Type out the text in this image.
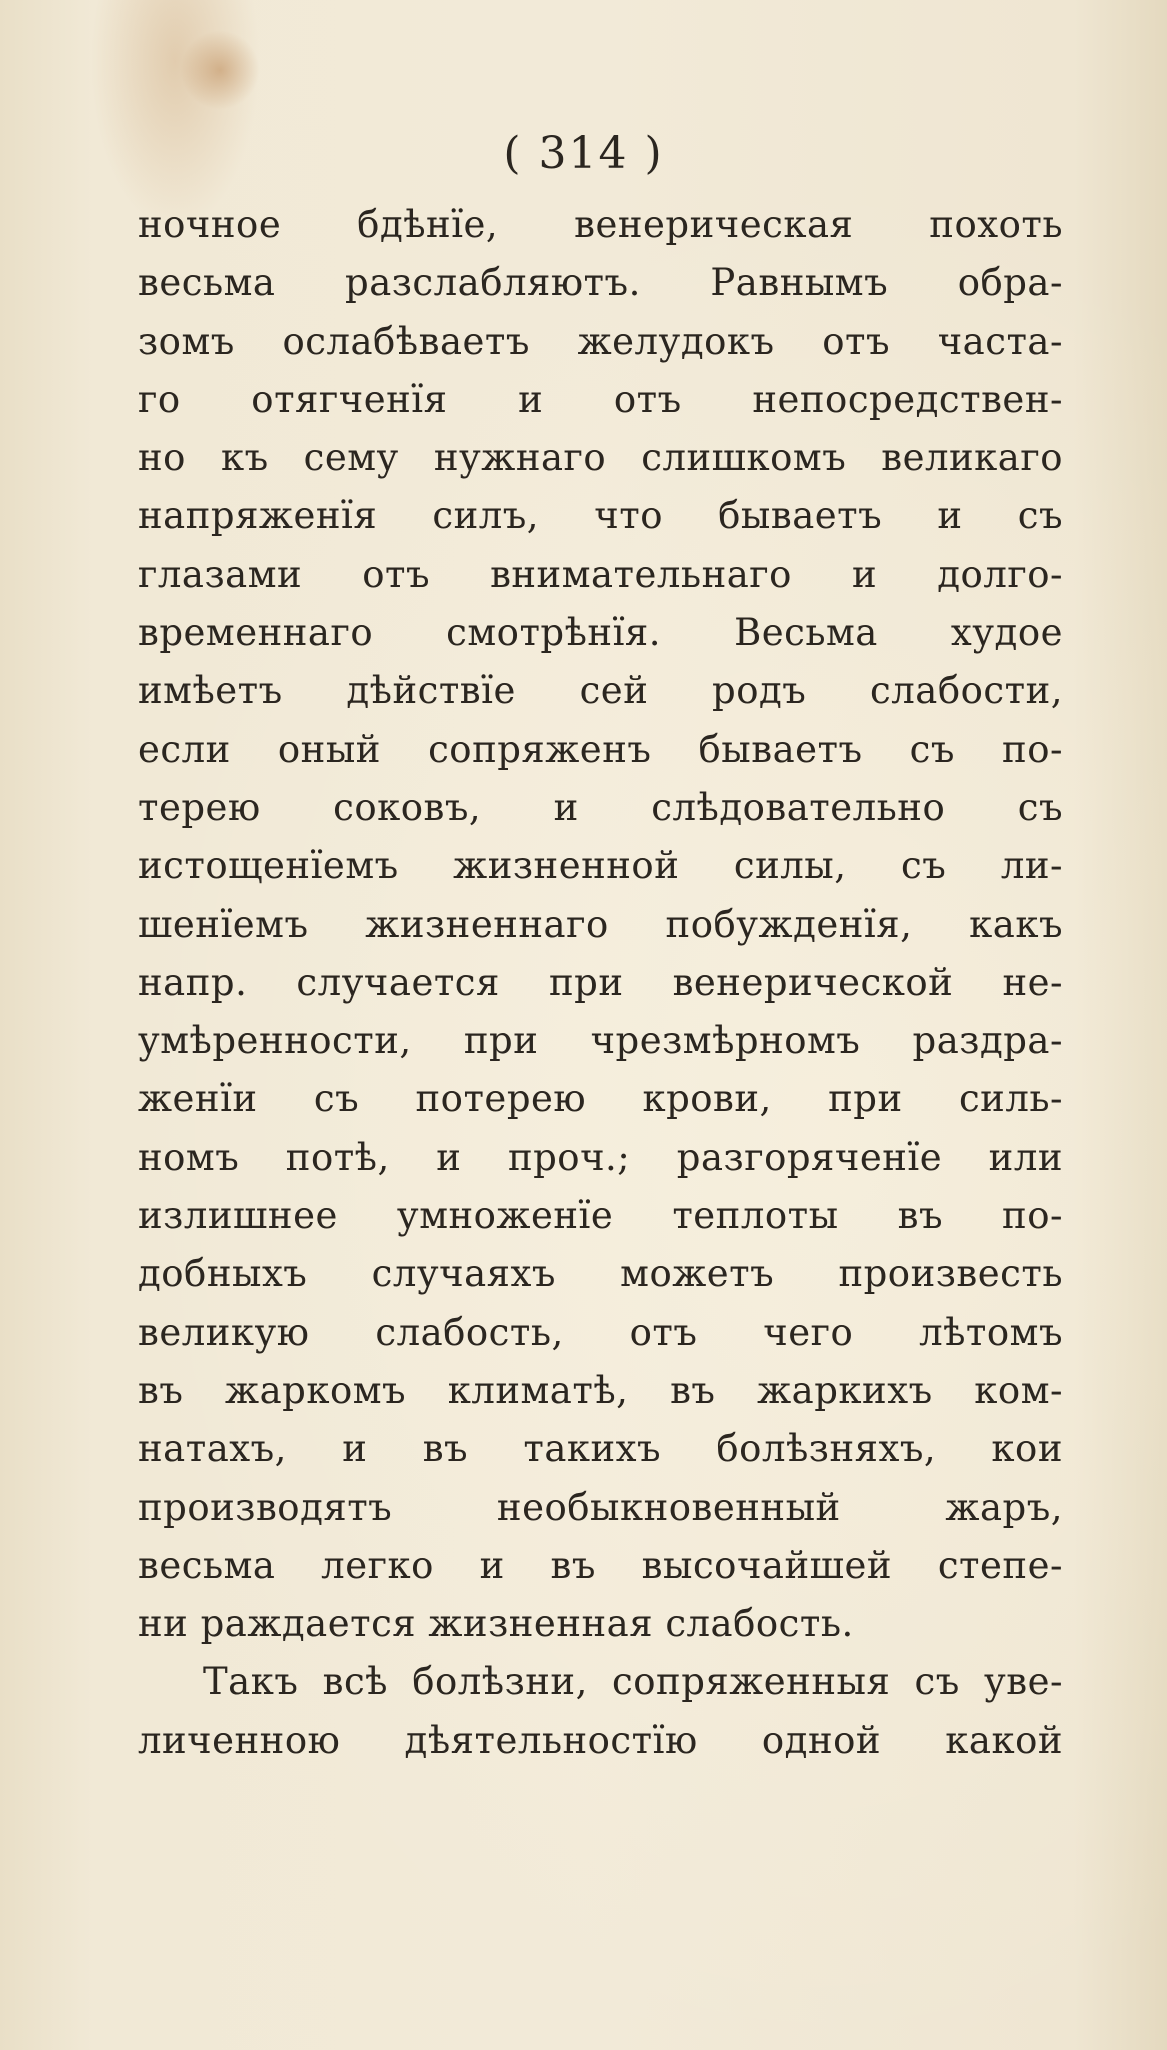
( 314 )
ночное бдѣнïе, венерическая похоть
весьма разслабляютъ. Равнымъ обра-
зомъ ослабѣваетъ желудокъ отъ часта-
го отягченïя и отъ непосредствен-
но къ сему нужнаго слишкомъ великаго
напряженïя силъ, что бываетъ и съ
глазами отъ внимательнаго и долго-
временнаго смотрѣнïя. Весьма худое
имѣетъ дѣйствïе сей родъ слабости,
если оный сопряженъ бываетъ съ по-
терею соковъ, и слѣдовательно съ
истощенïемъ жизненной силы, съ ли-
шенïемъ жизненнаго побужденïя, какъ
напр. случается при венерической не-
умѣренности, при чрезмѣрномъ раздра-
женïи съ потерею крови, при силь-
номъ потѣ, и проч.; разгоряченïе или
излишнее умноженïе теплоты въ по-
добныхъ случаяхъ можетъ произвесть
великую слабость, отъ чего лѣтомъ
въ жаркомъ климатѣ, въ жаркихъ ком-
натахъ, и въ такихъ болѣзняхъ, кои
производятъ необыкновенный жаръ,
весьма легко и въ высочайшей степе-
ни раждается жизненная слабость.
Такъ всѣ болѣзни, сопряженныя съ уве-
личенною дѣятельностïю одной какой
